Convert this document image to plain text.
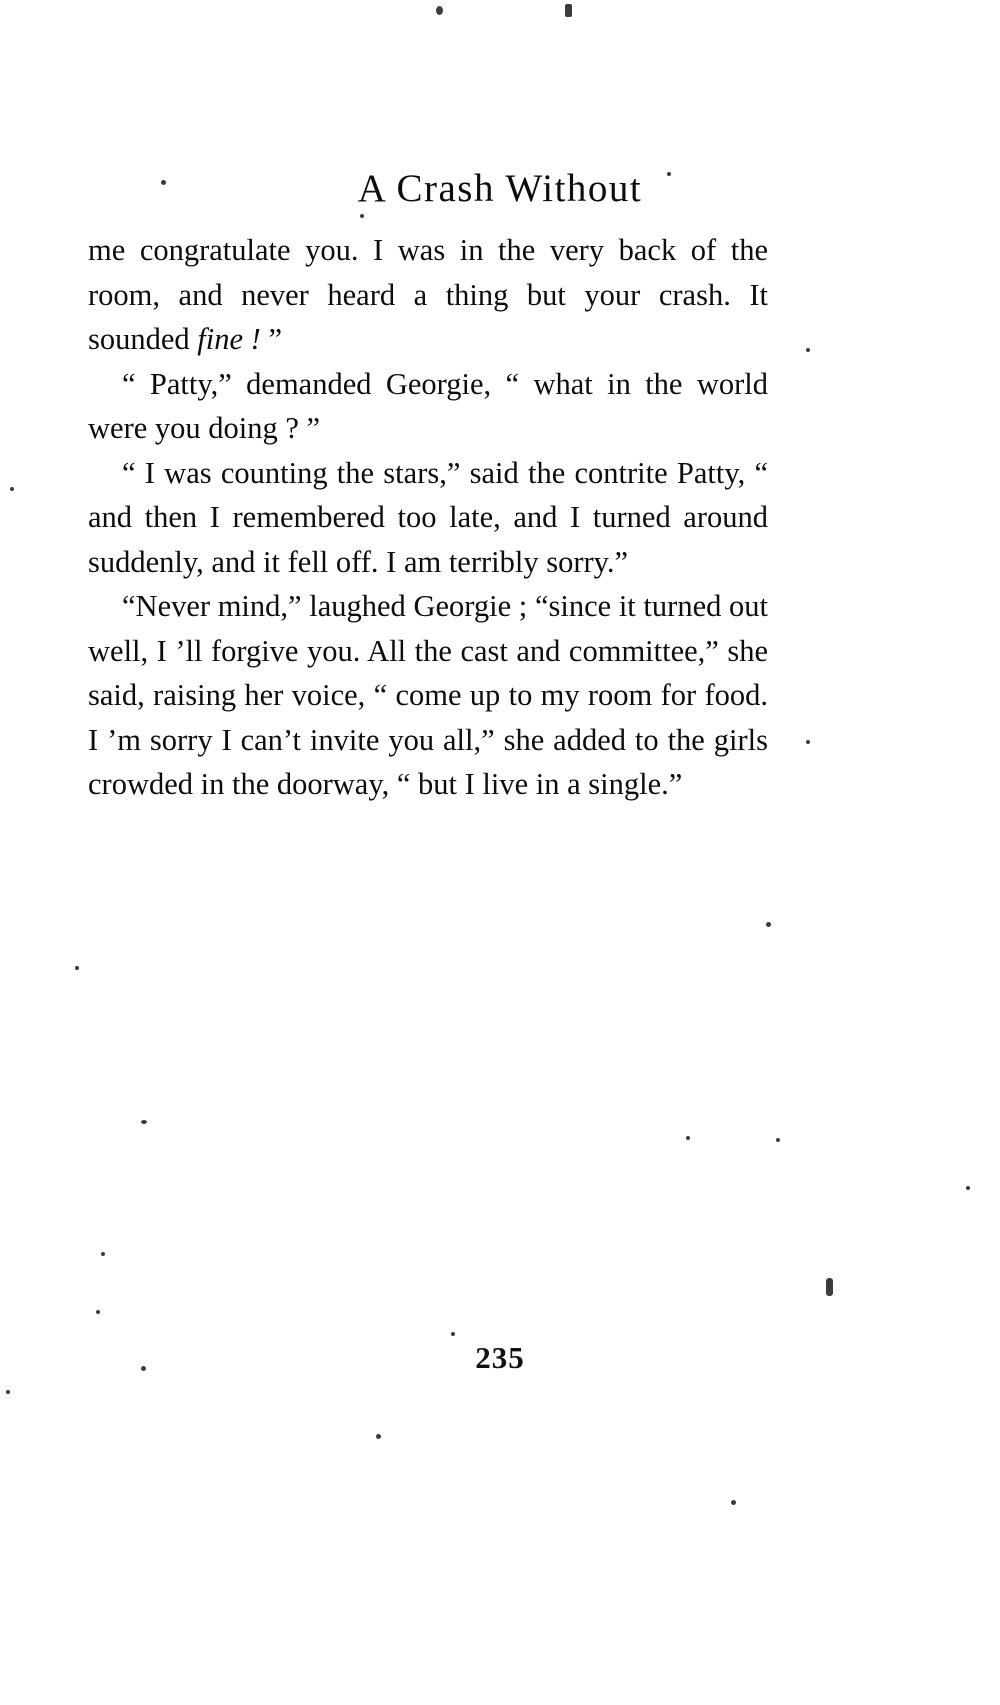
A Crash Without

me congratulate you. I was in the very back of the room, and never heard a thing but your crash. It sounded fine ! ”

“ Patty,” demanded Georgie, “ what in the world were you doing ? ”

“ I was counting the stars,” said the contrite Patty, “ and then I remembered too late, and I turned around suddenly, and it fell off. I am terribly sorry.”

“Never mind,” laughed Georgie ; “since it turned out well, I ’ll forgive you. All the cast and committee,” she said, raising her voice, “ come up to my room for food. I ’m sorry I can’t invite you all,” she added to the girls crowded in the doorway, “ but I live in a single.”

235
